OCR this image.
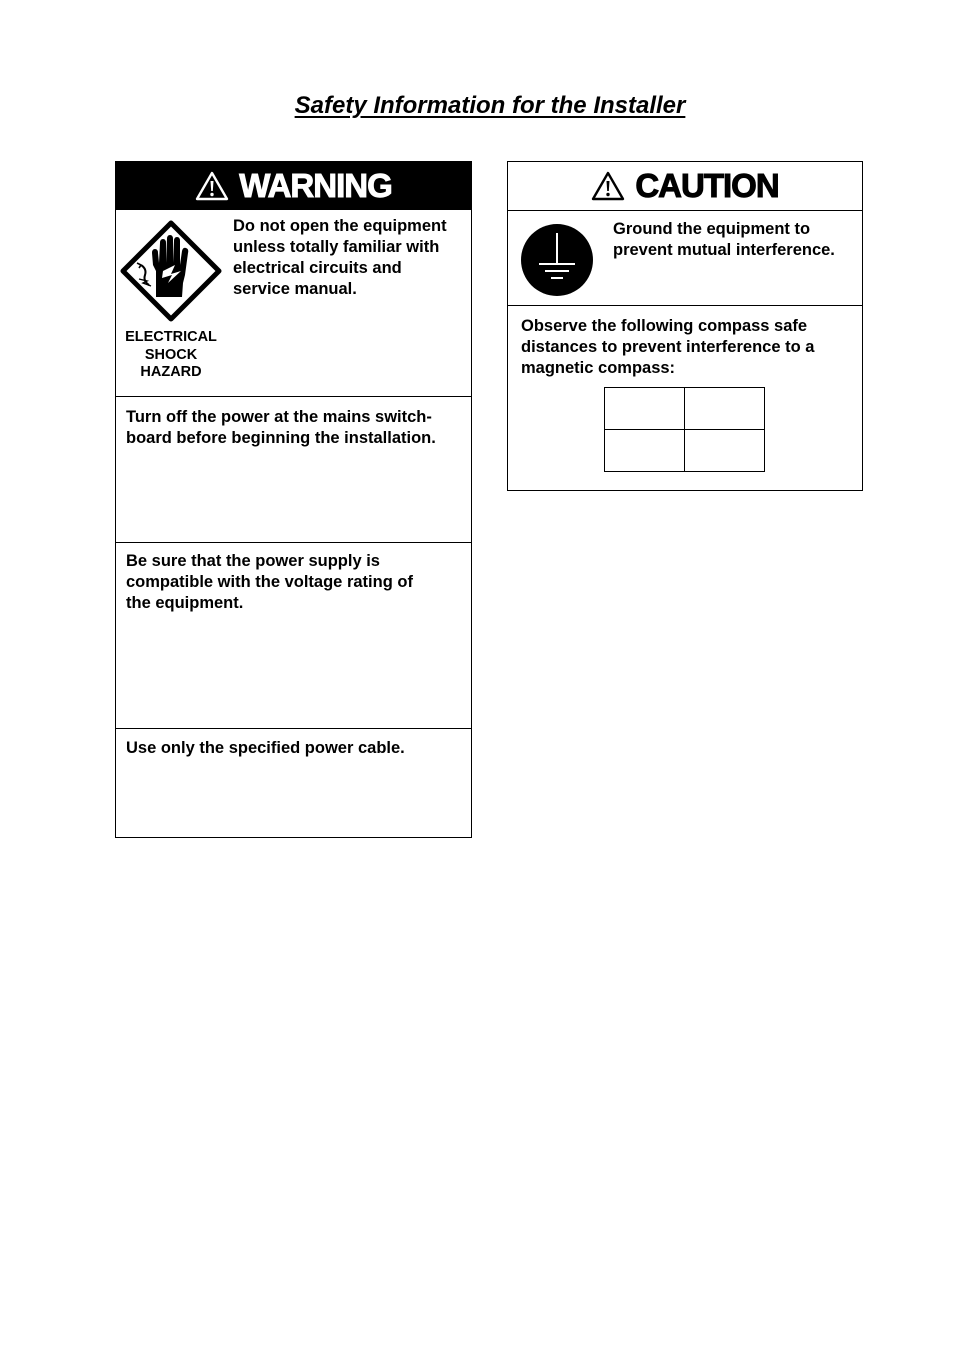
Safety Information for the Installer
WARNING
ELECTRICAL
SHOCK
HAZARD
Do not open the equipment
unless totally familiar with
electrical circuits and
service manual.
Turn off the power at the mains switch-
board before beginning the installation.
Be sure that the power supply is
compatible with the voltage rating of
the equipment.
Use only the specified power cable.
CAUTION
Ground the equipment to
prevent mutual interference.
Observe the following compass safe
distances to prevent interference to a
magnetic compass:
